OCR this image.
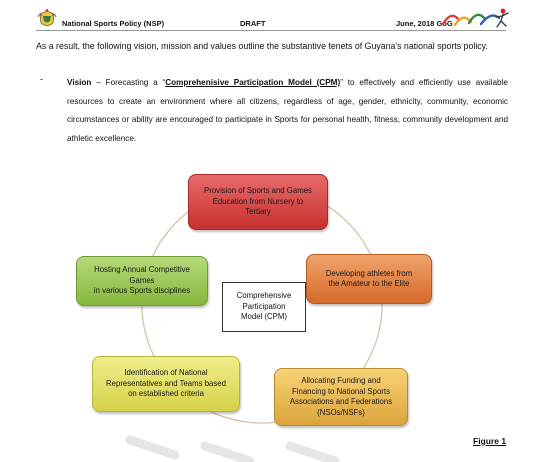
National Sports Policy (NSP)	DRAFT	June, 2018 GoG
As a result, the following vision, mission and values outline the substantive tenets of Guyana's national sports policy.
-	Vision – Forecasting a “Comprehenisive Participation Model (CPM)” to effectively and efficiently use available resources to create an environment where all citizens, regardless of age, gender, ethnicity, community, economic circumstances or ability are encouraged to participate in Sports for personal health, fitness, community development and athletic excellence.
Provision of Sports and Games
Education from Nursery to
Tertiary
Developing athletes from
the Amateur to the Elite
Hosting Annual Competitive
Games
in various Sports disciplines
Comprehensive
Participation
Model (CPM)
Identification of National
Representatives and Teams based
on established criteria
Allocating Funding and
Financing to National Sports
Associations and Federations
(NSOs/NSFs)
Figure 1
